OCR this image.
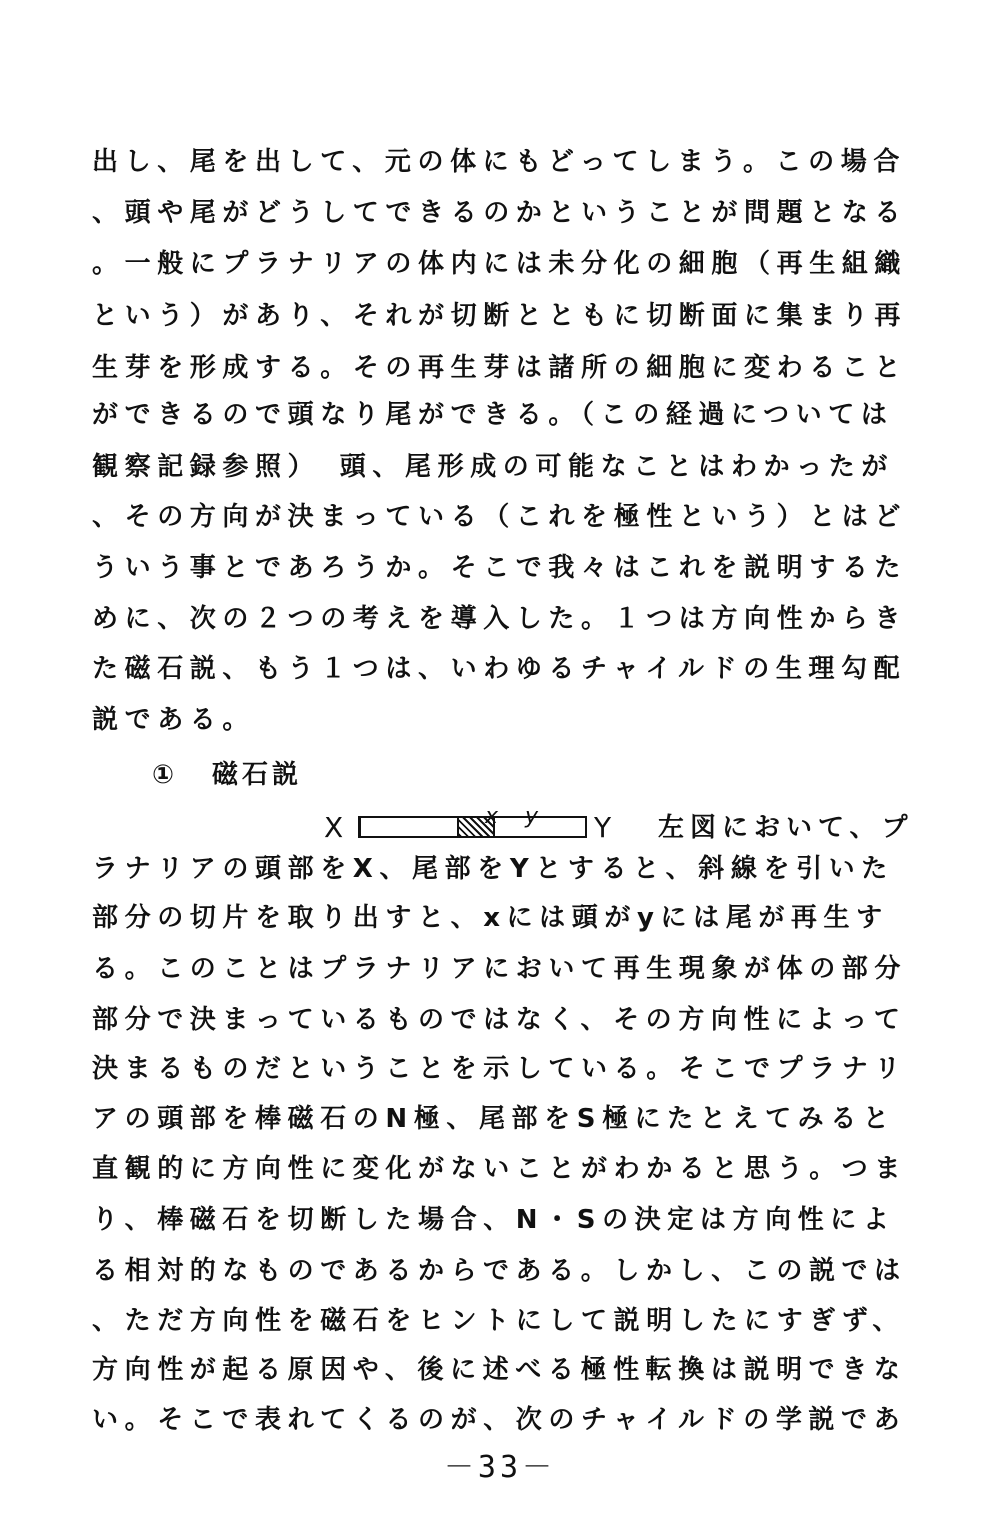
出し、尾を出して、元の体にもどってしまう。この場合
、頭や尾がどうしてできるのかということが問題となる
。一般にプラナリアの体内には未分化の細胞（再生組織
という）があり、それが切断とともに切断面に集まり再
生芽を形成する。その再生芽は諸所の細胞に変わること
ができるので頭なり尾ができる。（この経過については
観察記録参照）　頭、尾形成の可能なことはわかったが
、その方向が決まっている（これを極性という）とはど
ういう事とであろうか。そこで我々はこれを説明するた
めに、次の２つの考えを導入した。１つは方向性からき
た磁石説、もう１つは、いわゆるチャイルドの生理勾配
説である。
① 磁石説
X	x y Y 左図において、プ
ラナリアの頭部をX、尾部をYとすると、斜線を引いた
部分の切片を取り出すと、xには頭がyには尾が再生す
る。このことはプラナリアにおいて再生現象が体の部分
部分で決まっているものではなく、その方向性によって
決まるものだということを示している。そこでプラナリ
アの頭部を棒磁石のN極、尾部をS極にたとえてみると
直観的に方向性に変化がないことがわかると思う。つま
り、棒磁石を切断した場合、N・Sの決定は方向性によ
る相対的なものであるからである。しかし、この説では
、ただ方向性を磁石をヒントにして説明したにすぎず、
方向性が起る原因や、後に述べる極性転換は説明できな
い。そこで表れてくるのが、次のチャイルドの学説であ
－33－
